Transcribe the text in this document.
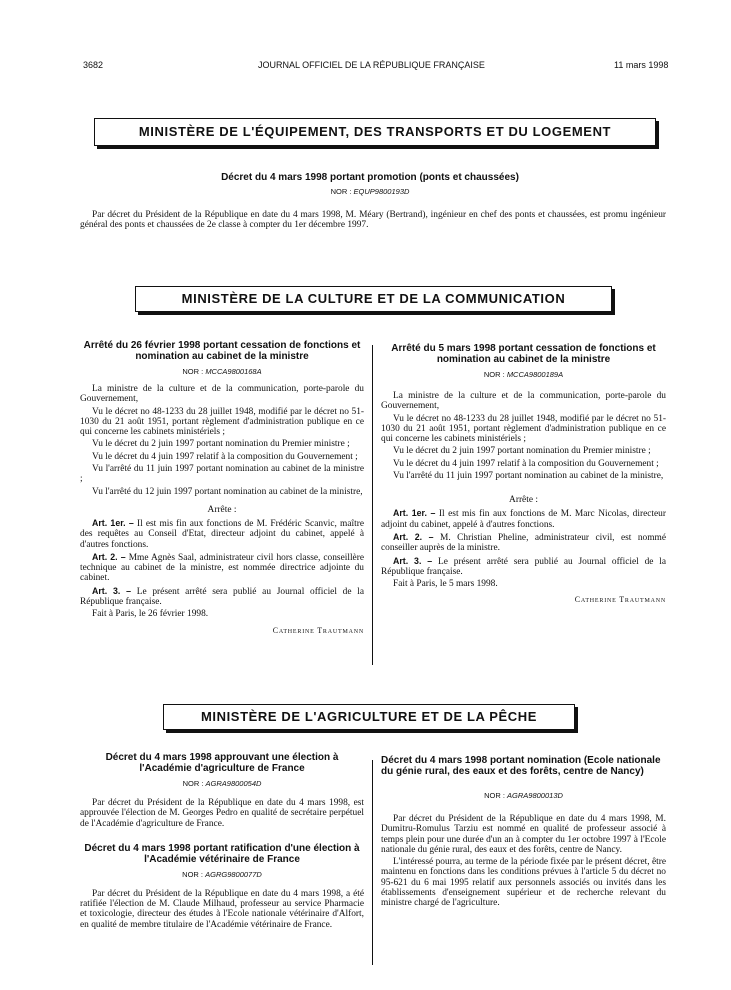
3682	JOURNAL OFFICIEL DE LA RÉPUBLIQUE FRANÇAISE	11 mars 1998
MINISTÈRE DE L'ÉQUIPEMENT, DES TRANSPORTS ET DU LOGEMENT
Décret du 4 mars 1998 portant promotion (ponts et chaussées)
NOR : EQUP9800193D

Par décret du Président de la République en date du 4 mars 1998, M. Méary (Bertrand), ingénieur en chef des ponts et chaussées, est promu ingénieur général des ponts et chaussées de 2e classe à compter du 1er décembre 1997.

MINISTÈRE DE LA CULTURE ET DE LA COMMUNICATION
Arrêté du 26 février 1998 portant cessation de fonctions et nomination au cabinet de la ministre
NOR : MCCA9800168A

La ministre de la culture et de la communication, porte-parole du Gouvernement,

Vu le décret no 48-1233 du 28 juillet 1948, modifié par le décret no 51-1030 du 21 août 1951, portant règlement d'administration publique en ce qui concerne les cabinets ministériels ;

Vu le décret du 2 juin 1997 portant nomination du Premier ministre ;

Vu le décret du 4 juin 1997 relatif à la composition du Gouvernement ;

Vu l'arrêté du 11 juin 1997 portant nomination au cabinet de la ministre ;

Vu l'arrêté du 12 juin 1997 portant nomination au cabinet de la ministre,

Arrête :

Art. 1er. – Il est mis fin aux fonctions de M. Frédéric Scanvic, maître des requêtes au Conseil d'Etat, directeur adjoint du cabinet, appelé à d'autres fonctions.

Art. 2. – Mme Agnès Saal, administrateur civil hors classe, conseillère technique au cabinet de la ministre, est nommée directrice adjointe du cabinet.

Art. 3. – Le présent arrêté sera publié au Journal officiel de la République française.

Fait à Paris, le 26 février 1998.

Catherine Trautmann
Arrêté du 5 mars 1998 portant cessation de fonctions et nomination au cabinet de la ministre
NOR : MCCA9800189A

La ministre de la culture et de la communication, porte-parole du Gouvernement,

Vu le décret no 48-1233 du 28 juillet 1948, modifié par le décret no 51-1030 du 21 août 1951, portant règlement d'administration publique en ce qui concerne les cabinets ministériels ;

Vu le décret du 2 juin 1997 portant nomination du Premier ministre ;

Vu le décret du 4 juin 1997 relatif à la composition du Gouvernement ;

Vu l'arrêté du 11 juin 1997 portant nomination au cabinet de la ministre,

Arrête :

Art. 1er. – Il est mis fin aux fonctions de M. Marc Nicolas, directeur adjoint du cabinet, appelé à d'autres fonctions.

Art. 2. – M. Christian Pheline, administrateur civil, est nommé conseiller auprès de la ministre.

Art. 3. – Le présent arrêté sera publié au Journal officiel de la République française.

Fait à Paris, le 5 mars 1998.

Catherine Trautmann
MINISTÈRE DE L'AGRICULTURE ET DE LA PÊCHE
Décret du 4 mars 1998 approuvant une élection à l'Académie d'agriculture de France
NOR : AGRA9800054D

Par décret du Président de la République en date du 4 mars 1998, est approuvée l'élection de M. Georges Pedro en qualité de secrétaire perpétuel de l'Académie d'agriculture de France.

Décret du 4 mars 1998 portant ratification d'une élection à l'Académie vétérinaire de France
NOR : AGRG9800077D

Par décret du Président de la République en date du 4 mars 1998, a été ratifiée l'élection de M. Claude Milhaud, professeur au service Pharmacie et toxicologie, directeur des études à l'Ecole nationale vétérinaire d'Alfort, en qualité de membre titulaire de l'Académie vétérinaire de France.

Décret du 4 mars 1998 portant nomination (Ecole nationale du génie rural, des eaux et des forêts, centre de Nancy)
NOR : AGRA9800013D

Par décret du Président de la République en date du 4 mars 1998, M. Dumitru-Romulus Tarziu est nommé en qualité de professeur associé à temps plein pour une durée d'un an à compter du 1er octobre 1997 à l'Ecole nationale du génie rural, des eaux et des forêts, centre de Nancy.

L'intéressé pourra, au terme de la période fixée par le présent décret, être maintenu en fonctions dans les conditions prévues à l'article 5 du décret no 95-621 du 6 mai 1995 relatif aux personnels associés ou invités dans les établissements d'enseignement supérieur et de recherche relevant du ministre chargé de l'agriculture.
